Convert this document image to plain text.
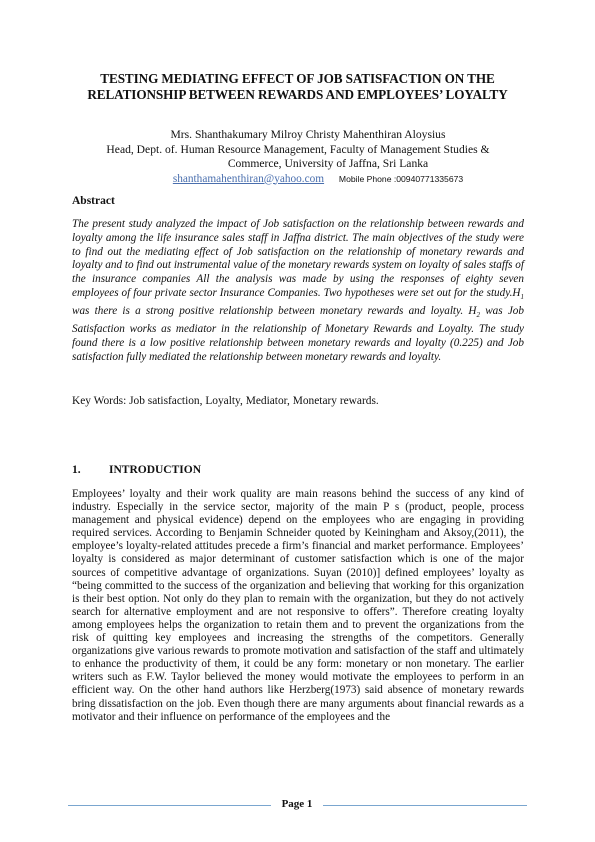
TESTING MEDIATING EFFECT OF JOB SATISFACTION ON THE RELATIONSHIP BETWEEN REWARDS AND EMPLOYEES’ LOYALTY
Mrs. Shanthakumary Milroy Christy Mahenthiran Aloysius
Head, Dept. of. Human Resource Management, Faculty of Management Studies &
Commerce, University of Jaffna, Sri Lanka
shanthamahenthiran@yahoo.com Mobile Phone :00940771335673
Abstract
The present study analyzed the impact of Job satisfaction on the relationship between rewards and loyalty among the life insurance sales staff in Jaffna district. The main objectives of the study were to find out the mediating effect of Job satisfaction on the relationship of monetary rewards and loyalty and to find out instrumental value of the monetary rewards system on loyalty of sales staffs of the insurance companies All the analysis was made by using the responses of eighty seven employees of four private sector Insurance Companies. Two hypotheses were set out for the $study.H_1$ was there is a strong positive relationship between monetary rewards and loyalty. $H_2$ was Job Satisfaction works as mediator in the relationship of Monetary Rewards and Loyalty. The study found there is a low positive relationship between monetary rewards and loyalty (0.225) and Job satisfaction fully mediated the relationship between monetary rewards and loyalty.
Key Words: Job satisfaction, Loyalty, Mediator, Monetary rewards.
1. INTRODUCTION
Employees’ loyalty and their work quality are main reasons behind the success of any kind of industry. Especially in the service sector, majority of the main P s (product, people, process management and physical evidence) depend on the employees who are engaging in providing required services. According to Benjamin Schneider quoted by Keiningham and Aksoy,(2011), the employee’s loyalty-related attitudes precede a firm’s financial and market performance. Employees’ loyalty is considered as major determinant of customer satisfaction which is one of the major sources of competitive advantage of organizations. Suyan (2010)] defined employees’ loyalty as “being committed to the success of the organization and believing that working for this organization is their best option. Not only do they plan to remain with the organization, but they do not actively search for alternative employment and are not responsive to offers”. Therefore creating loyalty among employees helps the organization to retain them and to prevent the organizations from the risk of quitting key employees and increasing the strengths of the competitors. Generally organizations give various rewards to promote motivation and satisfaction of the staff and ultimately to enhance the productivity of them, it could be any form: monetary or non monetary. The earlier writers such as F.W. Taylor believed the money would motivate the employees to perform in an efficient way. On the other hand authors like Herzberg(1973) said absence of monetary rewards bring dissatisfaction on the job. Even though there are many arguments about financial rewards as a motivator and their influence on performance of the employees and the
Page 1
